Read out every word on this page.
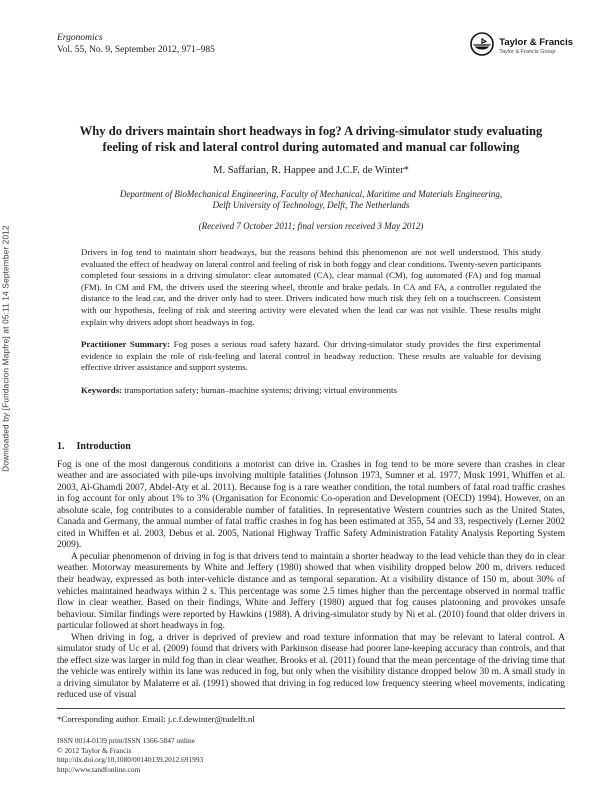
Downloaded by [Fundacion Mapfre] at 05:11 14 September 2012
Ergonomics
Vol. 55, No. 9, September 2012, 971–985
Taylor & Francis
Taylor & Francis Group
Why do drivers maintain short headways in fog? A driving-simulator study evaluating feeling of risk and lateral control during automated and manual car following
M. Saffarian, R. Happee and J.C.F. de Winter*
Department of BioMechanical Engineering, Faculty of Mechanical, Maritime and Materials Engineering,
Delft University of Technology, Delft, The Netherlands
(Received 7 October 2011; final version received 3 May 2012)

Drivers in fog tend to maintain short headways, but the reasons behind this phenomenon are not well understood. This study evaluated the effect of headway on lateral control and feeling of risk in both foggy and clear conditions. Twenty-seven participants completed four sessions in a driving simulator: clear automated (CA), clear manual (CM), fog automated (FA) and fog manual (FM). In CM and FM, the drivers used the steering wheel, throttle and brake pedals. In CA and FA, a controller regulated the distance to the lead car, and the driver only had to steer. Drivers indicated how much risk they felt on a touchscreen. Consistent with our hypothesis, feeling of risk and steering activity were elevated when the lead car was not visible. These results might explain why drivers adopt short headways in fog.

Practitioner Summary: Fog poses a serious road safety hazard. Our driving-simulator study provides the first experimental evidence to explain the role of risk-feeling and lateral control in headway reduction. These results are valuable for devising effective driver assistance and support systems.

Keywords: transportation safety; human–machine systems; driving; virtual environments

1. Introduction

Fog is one of the most dangerous conditions a motorist can drive in. Crashes in fog tend to be more severe than crashes in clear weather and are associated with pile-ups involving multiple fatalities (Johnson 1973, Sumner et al. 1977, Musk 1991, Whiffen et al. 2003, Al-Ghamdi 2007, Abdel-Aty et al. 2011). Because fog is a rare weather condition, the total numbers of fatal road traffic crashes in fog account for only about 1% to 3% (Organisation for Economic Co-operation and Development (OECD) 1994). However, on an absolute scale, fog contributes to a considerable number of fatalities. In representative Western countries such as the United States, Canada and Germany, the annual number of fatal traffic crashes in fog has been estimated at 355, 54 and 33, respectively (Lerner 2002 cited in Whiffen et al. 2003, Debus et al. 2005, National Highway Traffic Safety Administration Fatality Analysis Reporting System 2009).

A peculiar phenomenon of driving in fog is that drivers tend to maintain a shorter headway to the lead vehicle than they do in clear weather. Motorway measurements by White and Jeffery (1980) showed that when visibility dropped below 200 m, drivers reduced their headway, expressed as both inter-vehicle distance and as temporal separation. At a visibility distance of 150 m, about 30% of vehicles maintained headways within 2 s. This percentage was some 2.5 times higher than the percentage observed in normal traffic flow in clear weather. Based on their findings, White and Jeffery (1980) argued that fog causes platooning and provokes unsafe behaviour. Similar findings were reported by Hawkins (1988). A driving-simulator study by Ni et al. (2010) found that older drivers in particular followed at short headways in fog.

When driving in fog, a driver is deprived of preview and road texture information that may be relevant to lateral control. A simulator study of Uc et al. (2009) found that drivers with Parkinson disease had poorer lane-keeping accuracy than controls, and that the effect size was larger in mild fog than in clear weather. Brooks et al. (2011) found that the mean percentage of the driving time that the vehicle was entirely within its lane was reduced in fog, but only when the visibility distance dropped below 30 m. A small study in a driving simulator by Malaterre et al. (1991) showed that driving in fog reduced low frequency steering wheel movements, indicating reduced use of visual

*Corresponding author. Email: j.c.f.dewinter@tudelft.nl
ISSN 0014-0139 print/ISSN 1366-5847 online
© 2012 Taylor & Francis
http://dx.doi.org/10.1080/00140139.2012.691993
http://www.tandfonline.com
